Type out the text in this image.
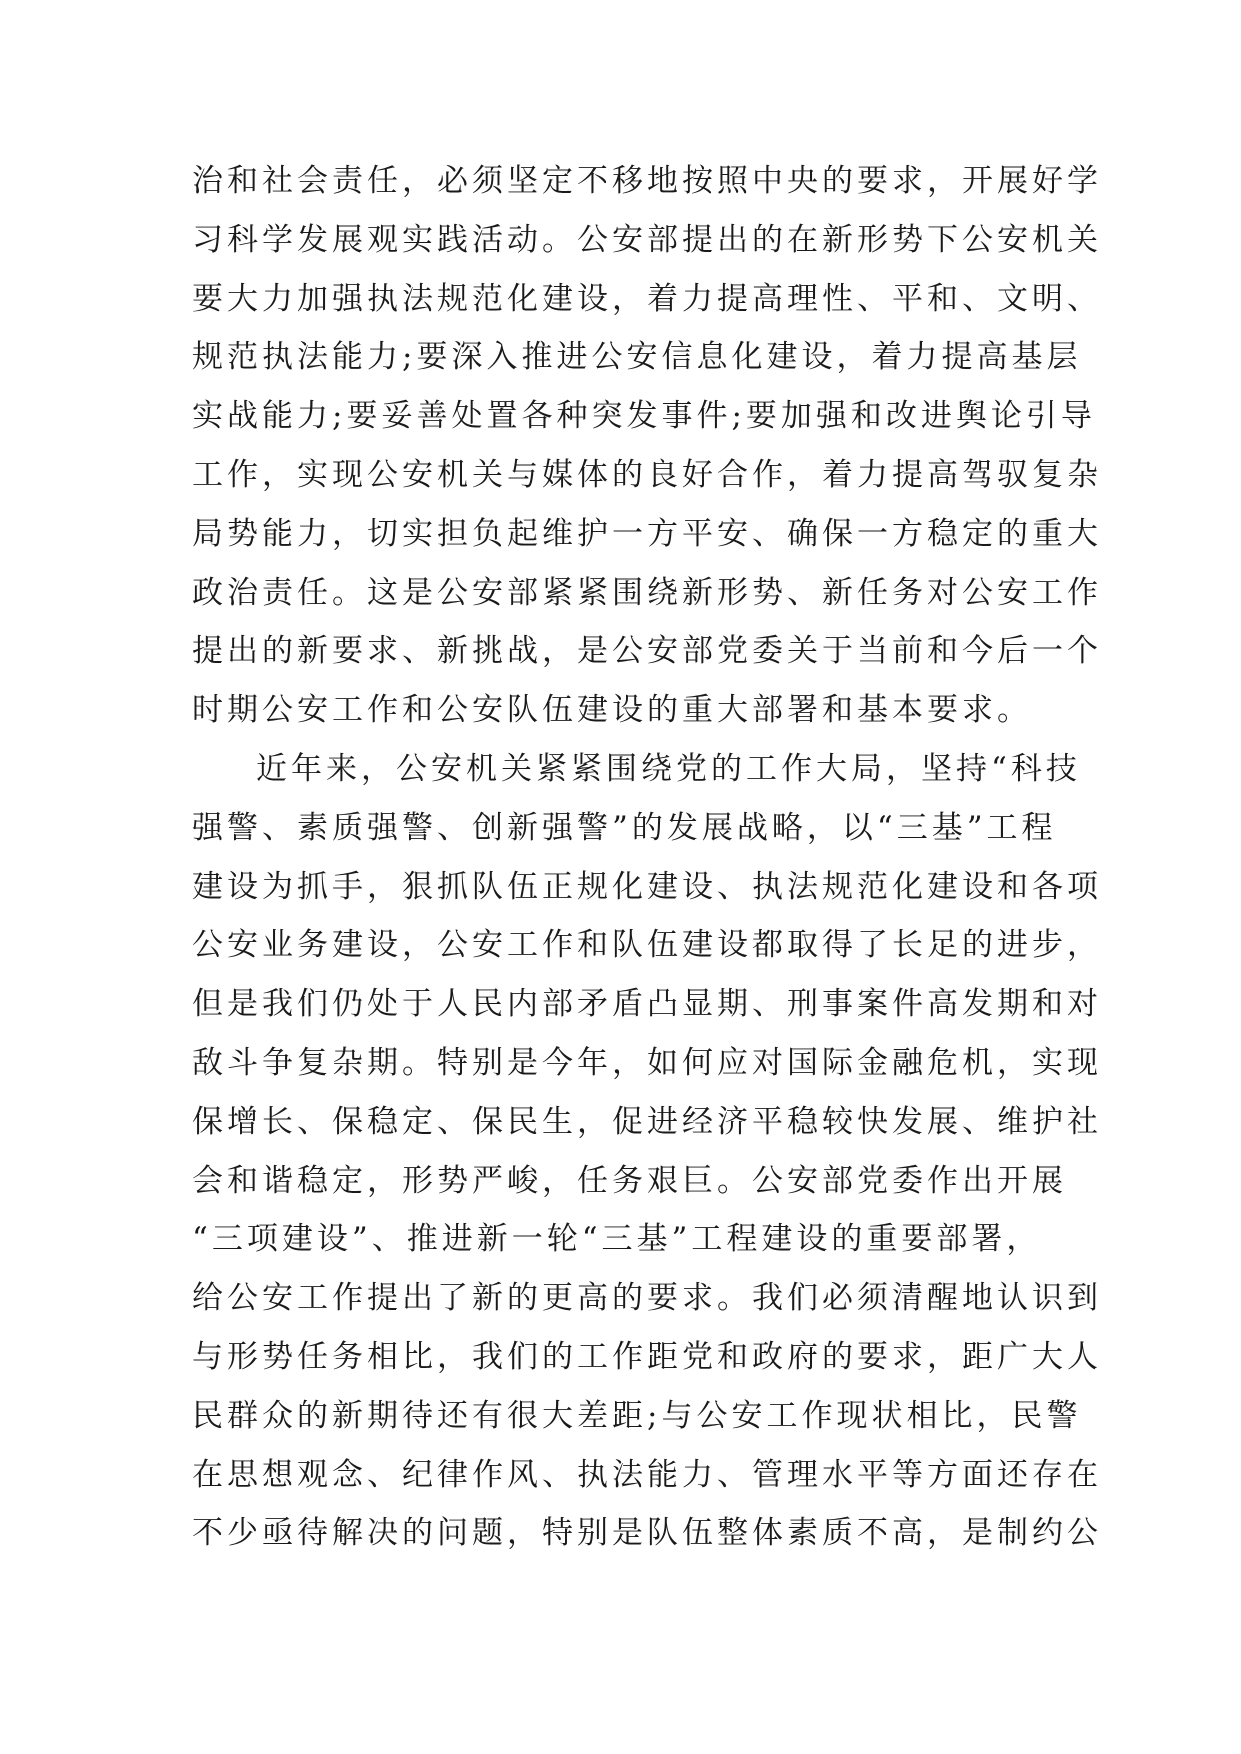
治和社会责任，必须坚定不移地按照中央的要求，开展好学
习科学发展观实践活动。公安部提出的在新形势下公安机关
要大力加强执法规范化建设，着力提高理性、平和、文明、
规范执法能力;要深入推进公安信息化建设，着力提高基层
实战能力;要妥善处置各种突发事件;要加强和改进舆论引导
工作，实现公安机关与媒体的良好合作，着力提高驾驭复杂
局势能力，切实担负起维护一方平安、确保一方稳定的重大
政治责任。这是公安部紧紧围绕新形势、新任务对公安工作
提出的新要求、新挑战，是公安部党委关于当前和今后一个
时期公安工作和公安队伍建设的重大部署和基本要求。
近年来，公安机关紧紧围绕党的工作大局，坚持“科技
强警、素质强警、创新强警”的发展战略，以“三基”工程
建设为抓手，狠抓队伍正规化建设、执法规范化建设和各项
公安业务建设，公安工作和队伍建设都取得了长足的进步，
但是我们仍处于人民内部矛盾凸显期、刑事案件高发期和对
敌斗争复杂期。特别是今年，如何应对国际金融危机，实现
保增长、保稳定、保民生，促进经济平稳较快发展、维护社
会和谐稳定，形势严峻，任务艰巨。公安部党委作出开展
“三项建设”、推进新一轮“三基”工程建设的重要部署，
给公安工作提出了新的更高的要求。我们必须清醒地认识到
与形势任务相比，我们的工作距党和政府的要求，距广大人
民群众的新期待还有很大差距;与公安工作现状相比，民警
在思想观念、纪律作风、执法能力、管理水平等方面还存在
不少亟待解决的问题，特别是队伍整体素质不高，是制约公
